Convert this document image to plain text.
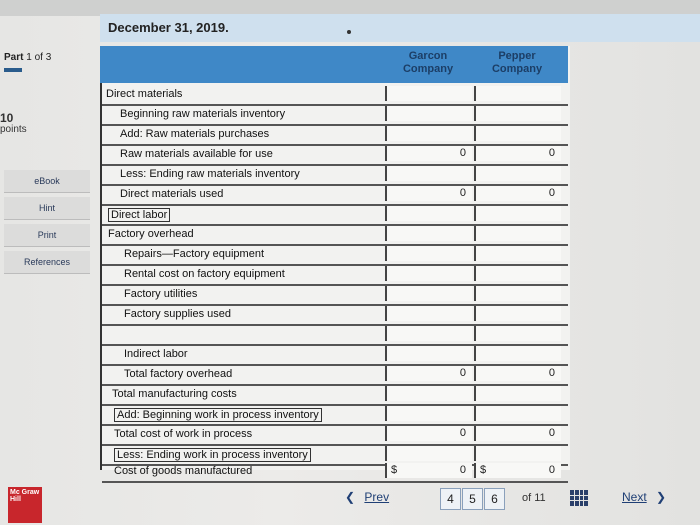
December 31, 2019.
Part 1 of 3
10
points
eBook
Hint
Print
References
Garcon Company
Pepper Company
Direct materials
Beginning raw materials inventory
Add: Raw materials purchases
Raw materials available for use	0	0
Less: Ending raw materials inventory
Direct materials used	0	0
Direct labor
Factory overhead
Repairs—Factory equipment
Rental cost on factory equipment
Factory utilities
Factory supplies used
Indirect labor
Total factory overhead	0	0
Total manufacturing costs
Add: Beginning work in process inventory
Total cost of work in process	0	0
Less: Ending work in process inventory
Cost of goods manufactured	$	0 $	0
Mc Graw Hill	❮ Prev	4	5	6	of 11	Next ❯
